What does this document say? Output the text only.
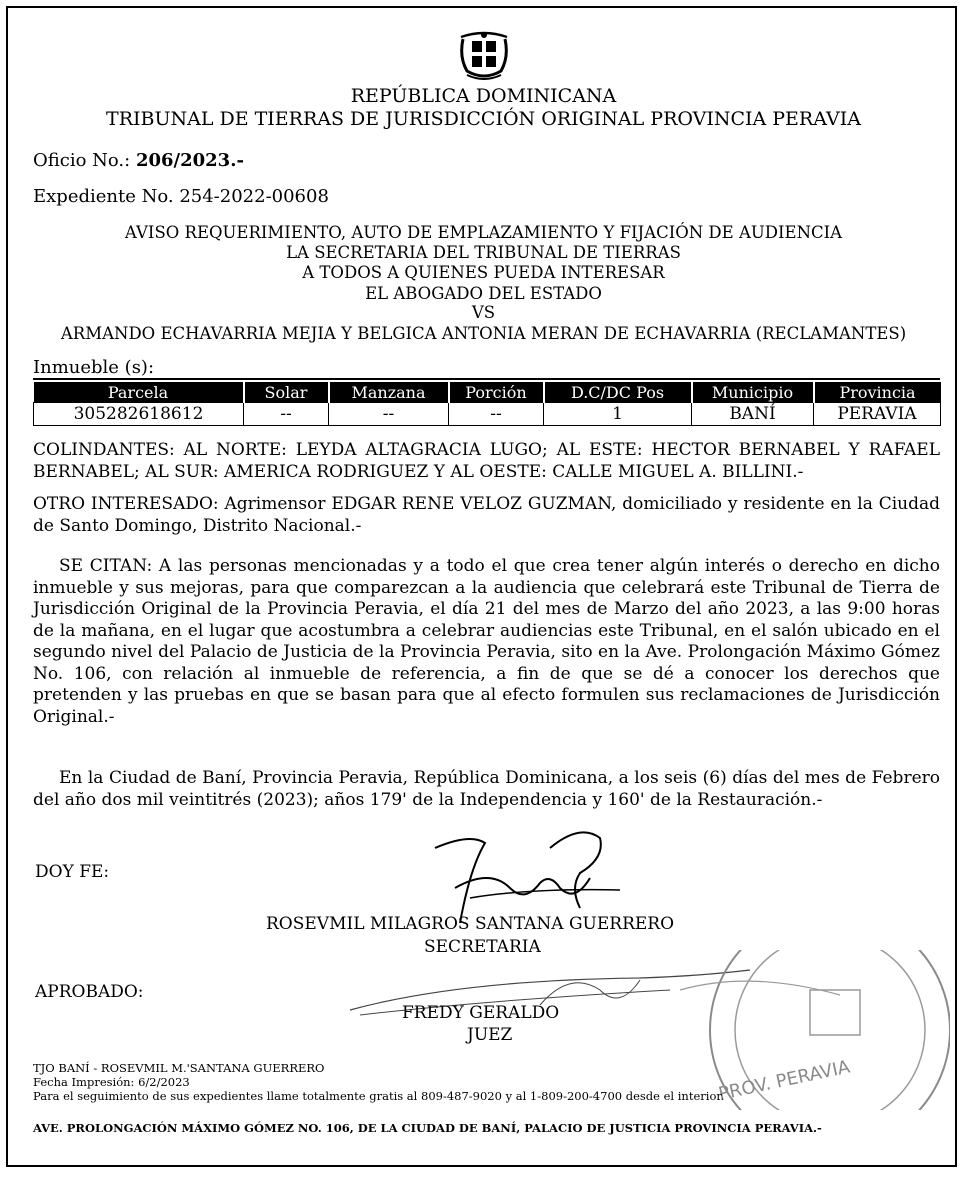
REPÚBLICA DOMINICANA
TRIBUNAL DE TIERRAS DE JURISDICCIÓN ORIGINAL PROVINCIA PERAVIA
Oficio No.: 206/2023.-
Expediente No. 254-2022-00608
AVISO REQUERIMIENTO, AUTO DE EMPLAZAMIENTO Y FIJACIÓN DE AUDIENCIA
LA SECRETARIA DEL TRIBUNAL DE TIERRAS
A TODOS A QUIENES PUEDA INTERESAR
EL ABOGADO DEL ESTADO
VS
ARMANDO ECHAVARRIA MEJIA Y BELGICA ANTONIA MERAN DE ECHAVARRIA (RECLAMANTES)
Inmueble (s):
Parcela	Solar	Manzana	Porción	D.C/DC Pos	Municipio	Provincia
305282618612	--	--	--	1	BANÍ	PERAVIA
COLINDANTES: AL NORTE: LEYDA ALTAGRACIA LUGO; AL ESTE: HECTOR BERNABEL Y RAFAEL BERNABEL; AL SUR: AMERICA RODRIGUEZ Y AL OESTE: CALLE MIGUEL A. BILLINI.-
OTRO INTERESADO: Agrimensor EDGAR RENE VELOZ GUZMAN, domiciliado y residente en la Ciudad de Santo Domingo, Distrito Nacional.-
SE CITAN: A las personas mencionadas y a todo el que crea tener algún interés o derecho en dicho inmueble y sus mejoras, para que comparezcan a la audiencia que celebrará este Tribunal de Tierra de Jurisdicción Original de la Provincia Peravia, el día 21 del mes de Marzo del año 2023, a las 9:00 horas de la mañana, en el lugar que acostumbra a celebrar audiencias este Tribunal, en el salón ubicado en el segundo nivel del Palacio de Justicia de la Provincia Peravia, sito en la Ave. Prolongación Máximo Gómez No. 106, con relación al inmueble de referencia, a fin de que se dé a conocer los derechos que pretenden y las pruebas en que se basan para que al efecto formulen sus reclamaciones de Jurisdicción Original.-
En la Ciudad de Baní, Provincia Peravia, República Dominicana, a los seis (6) días del mes de Febrero del año dos mil veintitrés (2023); años 179' de la Independencia y 160' de la Restauración.-
DOY FE:
ROSEVMIL MILAGROS SANTANA GUERRERO
SECRETARIA
APROBADO:
FREDY GERALDO
JUEZ
PROV. PERAVIA
TJO BANÍ - ROSEVMIL M.'SANTANA GUERRERO
Fecha Impresión: 6/2/2023
Para el seguimiento de sus expedientes llame totalmente gratis al 809-487-9020 y al 1-809-200-4700 desde el interior.
AVE. PROLONGACIÓN MÁXIMO GÓMEZ NO. 106, DE LA CIUDAD DE BANÍ, PALACIO DE JUSTICIA PROVINCIA PERAVIA.-
